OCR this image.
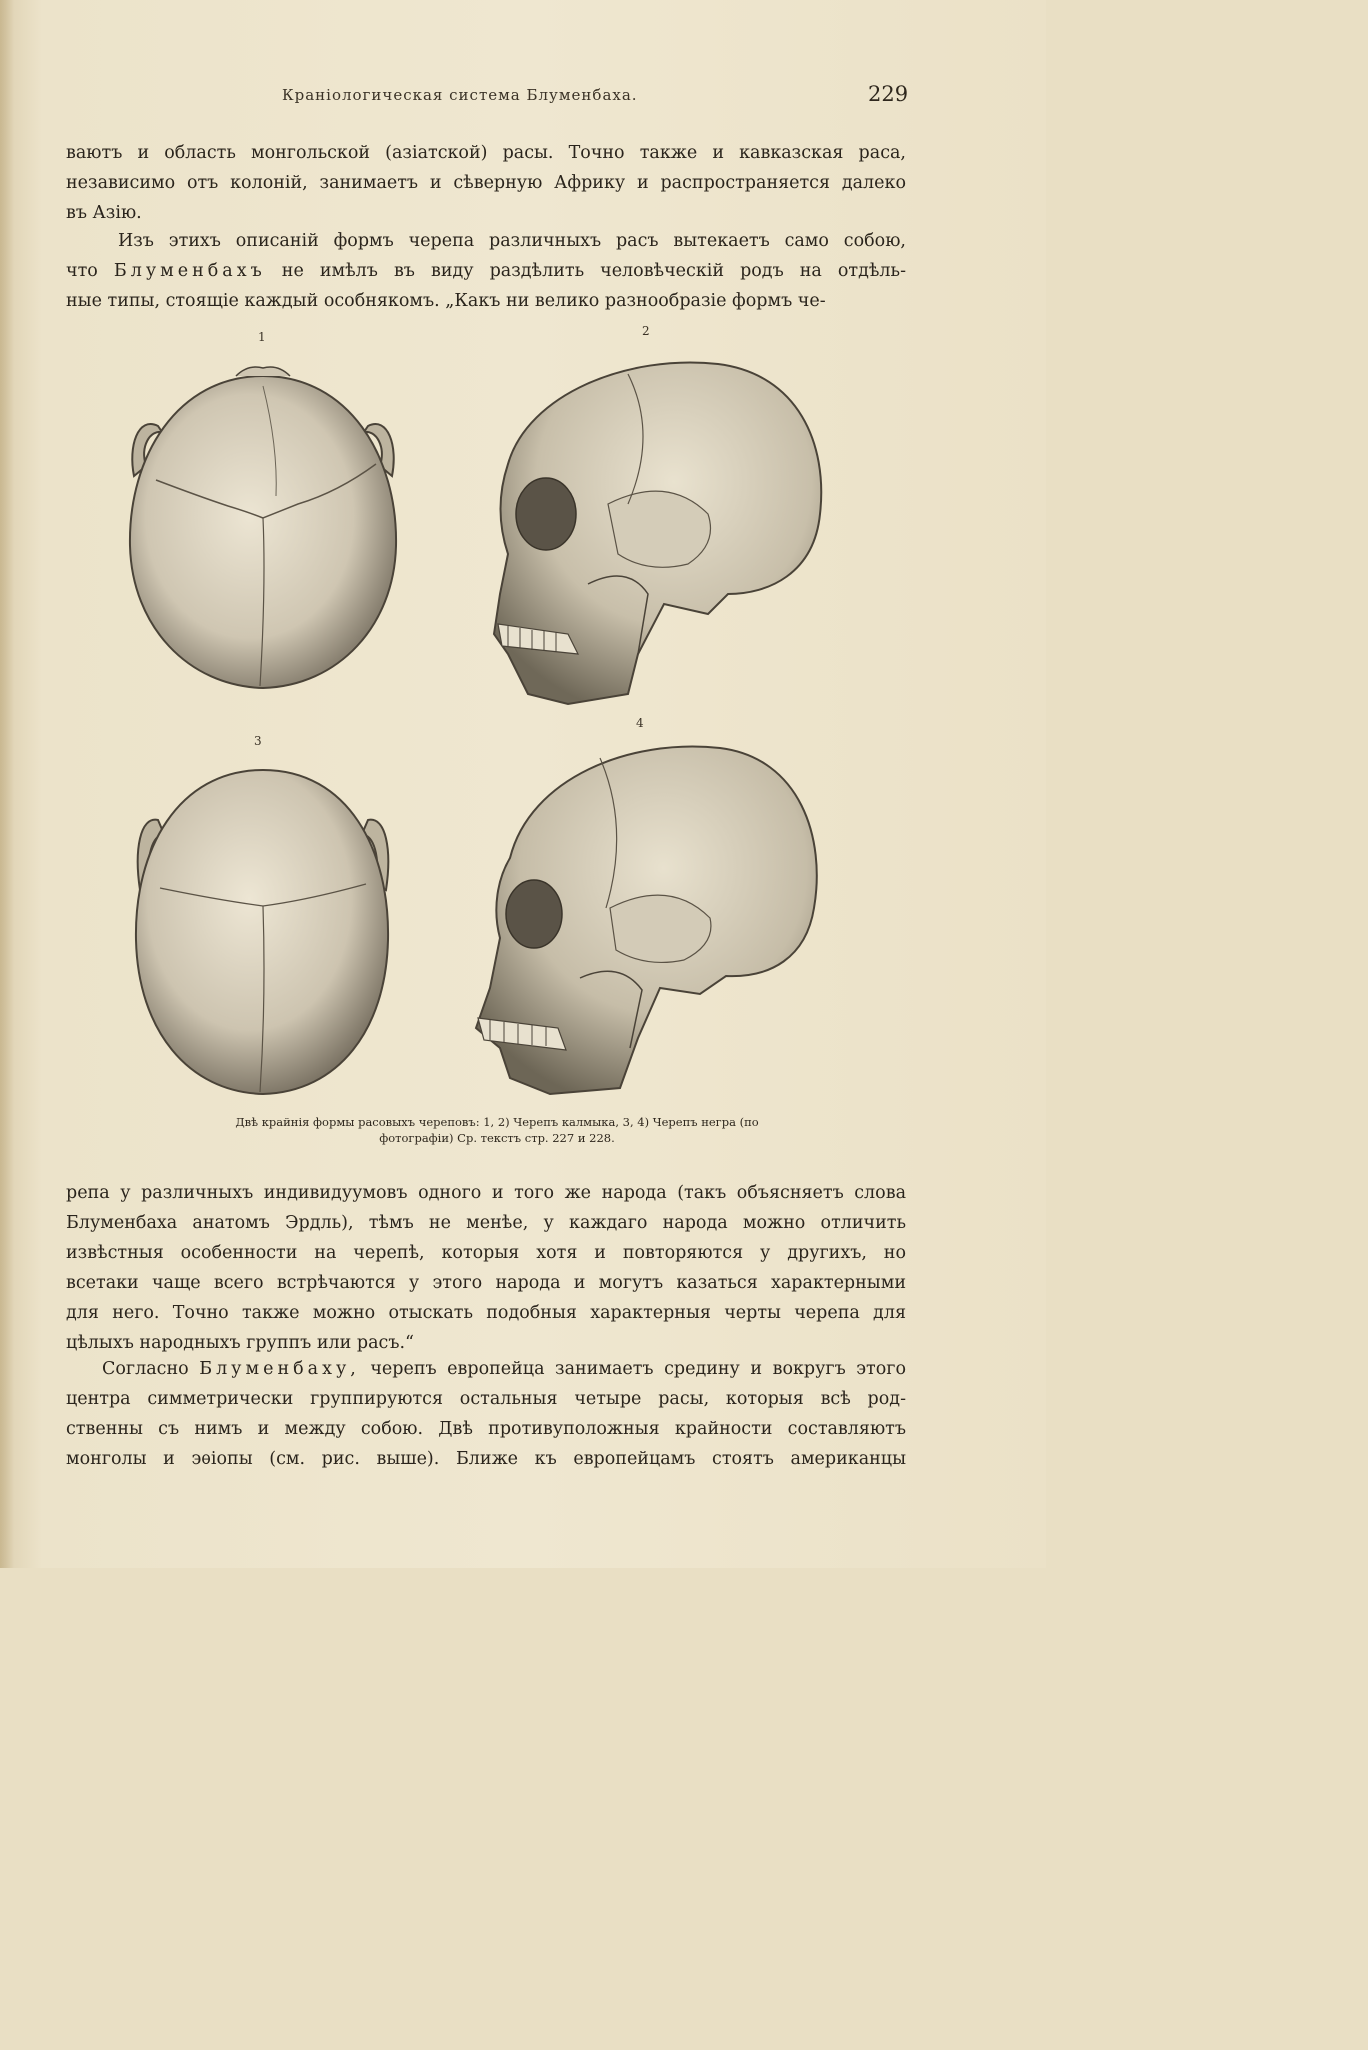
Краніологическая система Блуменбаха.	229
ваютъ и область монгольской (азіатской) расы. Точно также и кавказская раса,
независимо отъ колоній, занимаетъ и сѣверную Африку и распространяется далеко
въ Азію.
Изъ этихъ описаній формъ черепа различныхъ расъ вытекаетъ само собою,
что Блуменбахъ не имѣлъ въ виду раздѣлить человѣческій родъ на отдѣль-
ные типы, стоящіе каждый особнякомъ. „Какъ ни велико разнообразіе формъ че-
1	2
3
4
Двѣ крайнія формы расовыхъ череповъ: 1, 2) Черепъ калмыка, 3, 4) Черепъ негра (по
фотографіи) Ср. текстъ стр. 227 и 228.
репа у различныхъ индивидуумовъ одного и того же народа (такъ объясняетъ слова
Блуменбаха анатомъ Эрдль), тѣмъ не менѣе, у каждаго народа можно отличить
извѣстныя особенности на черепѣ, которыя хотя и повторяются у другихъ, но
всетаки чаще всего встрѣчаются у этого народа и могутъ казаться характерными
для него. Точно также можно отыскать подобныя характерныя черты черепа для
цѣлыхъ народныхъ группъ или расъ.“
Согласно Блуменбаху, черепъ европейца занимаетъ средину и вокругъ этого
центра симметрически группируются остальныя четыре расы, которыя всѣ род-
ственны съ нимъ и между собою. Двѣ противуположныя крайности составляютъ
монголы и эѳіопы (см. рис. выше). Ближе къ европейцамъ стоятъ американцы
